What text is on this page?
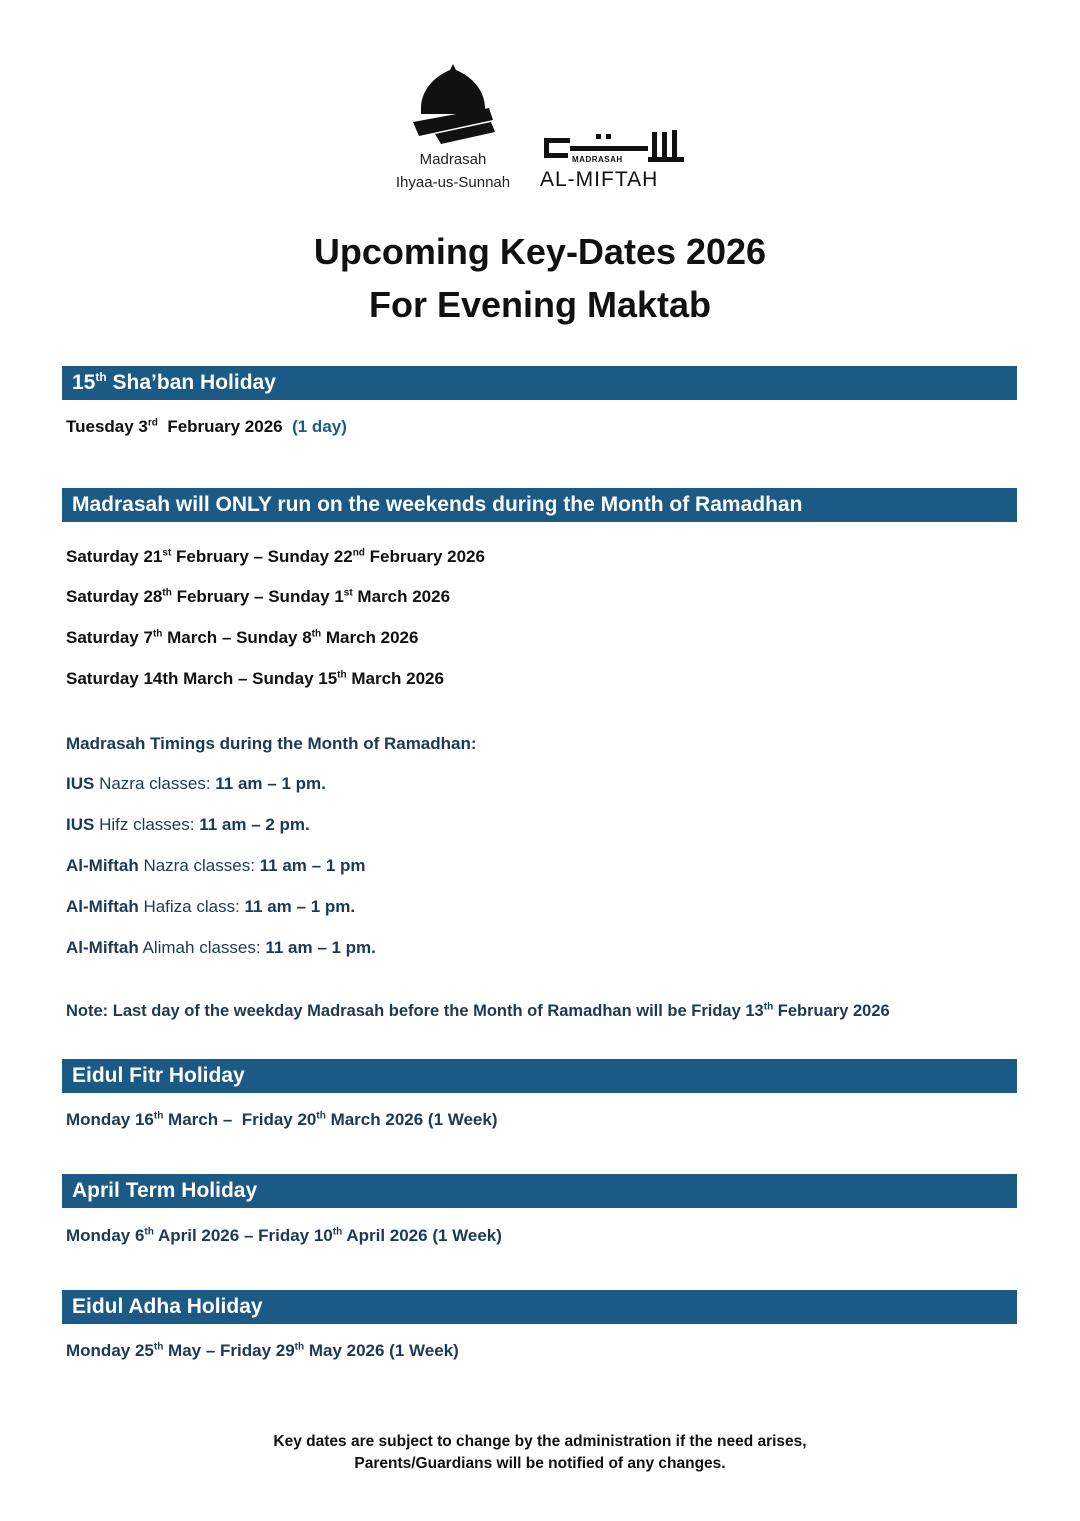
Madrasah
Ihyaa-us-Sunnah
MADRASAH
AL-MIFTAH
Upcoming Key-Dates 2026
For Evening Maktab
15th Sha’ban Holiday
Tuesday 3rd  February 2026  (1 day)
Madrasah will ONLY run on the weekends during the Month of Ramadhan
Saturday 21st February – Sunday 22nd February 2026
Saturday 28th February – Sunday 1st March 2026
Saturday 7th March – Sunday 8th March 2026
Saturday 14th March – Sunday 15th March 2026
Madrasah Timings during the Month of Ramadhan:
IUS Nazra classes: 11 am – 1 pm.
IUS Hifz classes: 11 am – 2 pm.
Al-Miftah Nazra classes: 11 am – 1 pm
Al-Miftah Hafiza class: 11 am – 1 pm.
Al-Miftah Alimah classes: 11 am – 1 pm.
Note: Last day of the weekday Madrasah before the Month of Ramadhan will be Friday 13th February 2026
Eidul Fitr Holiday
Monday 16th March –  Friday 20th March 2026 (1 Week)
April Term Holiday
Monday 6th April 2026 – Friday 10th April 2026 (1 Week)
Eidul Adha Holiday
Monday 25th May – Friday 29th May 2026 (1 Week)
Key dates are subject to change by the administration if the need arises,
Parents/Guardians will be notified of any changes.
